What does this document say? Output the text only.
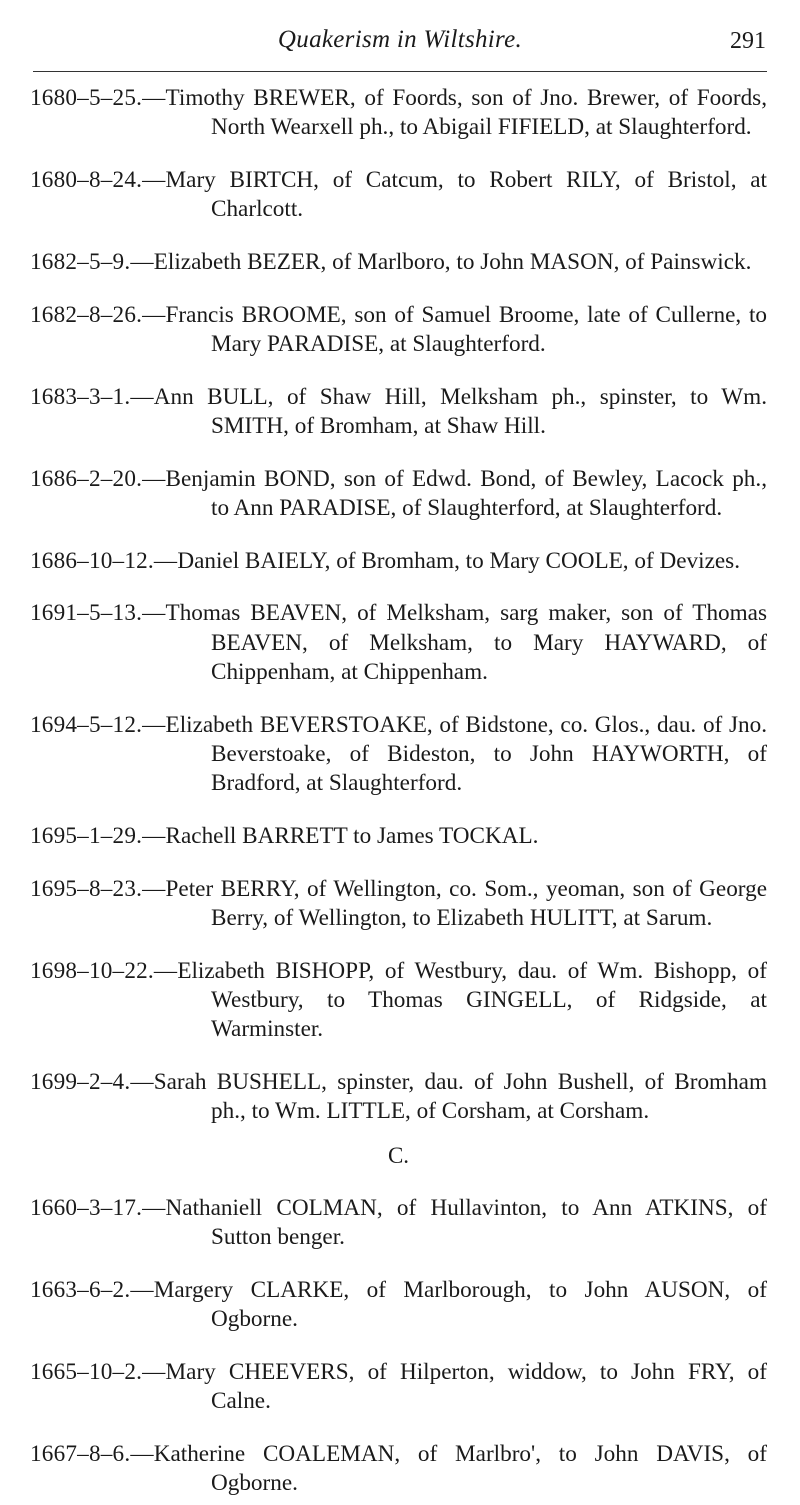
Quakerism in Wiltshire.	291

1680–5–25.—Timothy BREWER, of Foords, son of Jno. Brewer, of Foords, North Wearxell ph., to Abigail FIFIELD, at Slaughterford.

1680–8–24.—Mary BIRTCH, of Catcum, to Robert RILY, of Bristol, at Charlcott.

1682–5–9.—Elizabeth BEZER, of Marlboro, to John MASON, of Painswick.

1682–8–26.—Francis BROOME, son of Samuel Broome, late of Cullerne, to Mary PARADISE, at Slaughterford.

1683–3–1.—Ann BULL, of Shaw Hill, Melksham ph., spinster, to Wm. SMITH, of Bromham, at Shaw Hill.

1686–2–20.—Benjamin BOND, son of Edwd. Bond, of Bewley, Lacock ph., to Ann PARADISE, of Slaughterford, at Slaughterford.

1686–10–12.—Daniel BAIELY, of Bromham, to Mary COOLE, of Devizes.

1691–5–13.—Thomas BEAVEN, of Melksham, sarg maker, son of Thomas BEAVEN, of Melksham, to Mary HAYWARD, of Chippenham, at Chippenham.

1694–5–12.—Elizabeth BEVERSTOAKE, of Bidstone, co. Glos., dau. of Jno. Beverstoake, of Bideston, to John HAYWORTH, of Bradford, at Slaughterford.

1695–1–29.—Rachell BARRETT to James TOCKAL.

1695–8–23.—Peter BERRY, of Wellington, co. Som., yeoman, son of George Berry, of Wellington, to Elizabeth HULITT, at Sarum.

1698–10–22.—Elizabeth BISHOPP, of Westbury, dau. of Wm. Bishopp, of Westbury, to Thomas GINGELL, of Ridgside, at Warminster.

1699–2–4.—Sarah BUSHELL, spinster, dau. of John Bushell, of Bromham ph., to Wm. LITTLE, of Corsham, at Corsham.

C.

1660–3–17.—Nathaniell COLMAN, of Hullavinton, to Ann ATKINS, of Sutton benger.

1663–6–2.—Margery CLARKE, of Marlborough, to John AUSON, of Ogborne.

1665–10–2.—Mary CHEEVERS, of Hilperton, widdow, to John FRY, of Calne.

1667–8–6.—Katherine COALEMAN, of Marlbro', to John DAVIS, of Ogborne.
